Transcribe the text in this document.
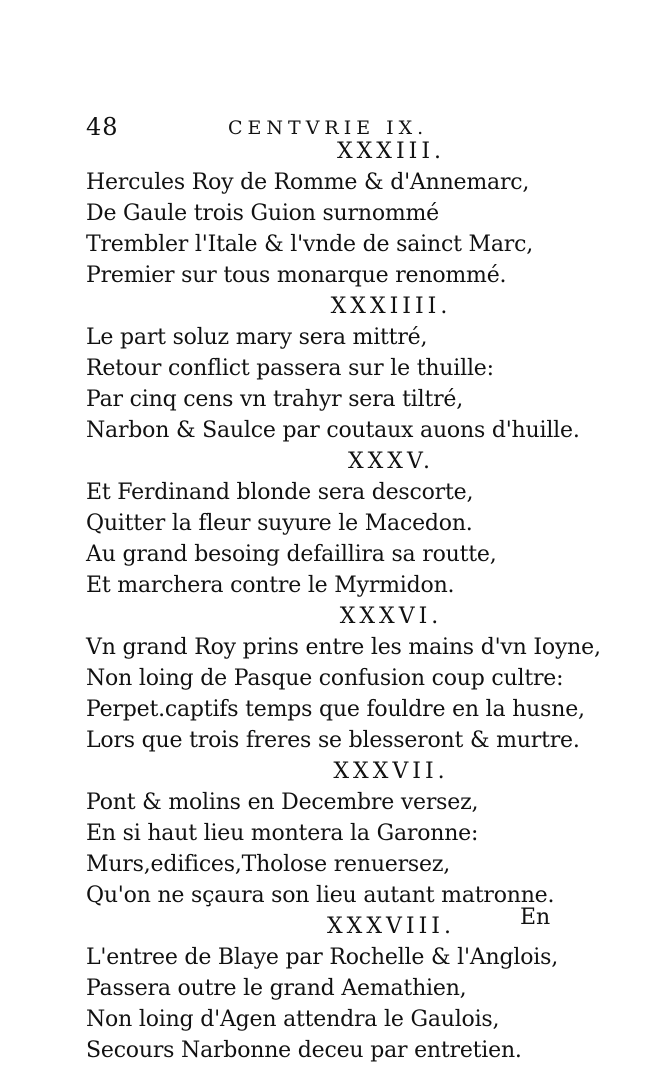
48	CENTVRIE IX.
XXXIII.
Hercules Roy de Romme & d'Annemarc,
De Gaule trois Guion surnommé
Trembler l'Itale & l'vnde de sainct Marc,
Premier sur tous monarque renommé.
XXXIIII.
Le part soluz mary sera mittré,
Retour conflict passera sur le thuille:
Par cinq cens vn trahyr sera tiltré,
Narbon & Saulce par coutaux auons d'huille.
XXXV.
Et Ferdinand blonde sera descorte,
Quitter la fleur suyure le Macedon.
Au grand besoing defaillira sa routte,
Et marchera contre le Myrmidon.
XXXVI.
Vn grand Roy prins entre les mains d'vn Ioyne,
Non loing de Pasque confusion coup cultre:
Perpet.captifs temps que fouldre en la husne,
Lors que trois freres se blesseront & murtre.
XXXVII.
Pont & molins en Decembre versez,
En si haut lieu montera la Garonne:
Murs,edifices,Tholose renuersez,
Qu'on ne sçaura son lieu autant matronne.
XXXVIII.
L'entree de Blaye par Rochelle & l'Anglois,
Passera outre le grand Aemathien,
Non loing d'Agen attendra le Gaulois,
Secours Narbonne deceu par entretien.
En
